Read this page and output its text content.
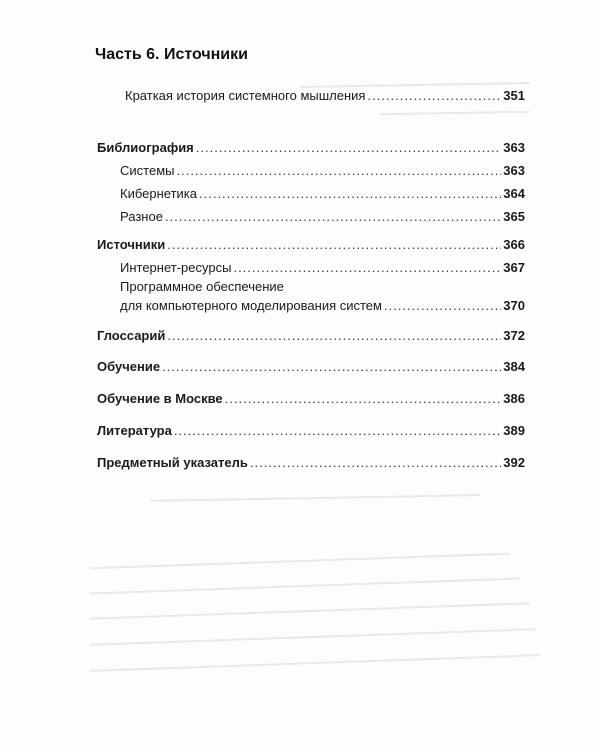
Часть 6. Источники
Краткая история системного мышления .....	351
Библиография .....	363
Системы .....	363
Кибернетика .....	364
Разное .....	365
Источники .....	366
Интернет-ресурсы .....	367
Программное обеспечение
для компьютерного моделирования систем .....	370
Глоссарий .....	372
Обучение .....	384
Обучение в Москве .....	386
Литература .....	389
Предметный указатель .....	392
